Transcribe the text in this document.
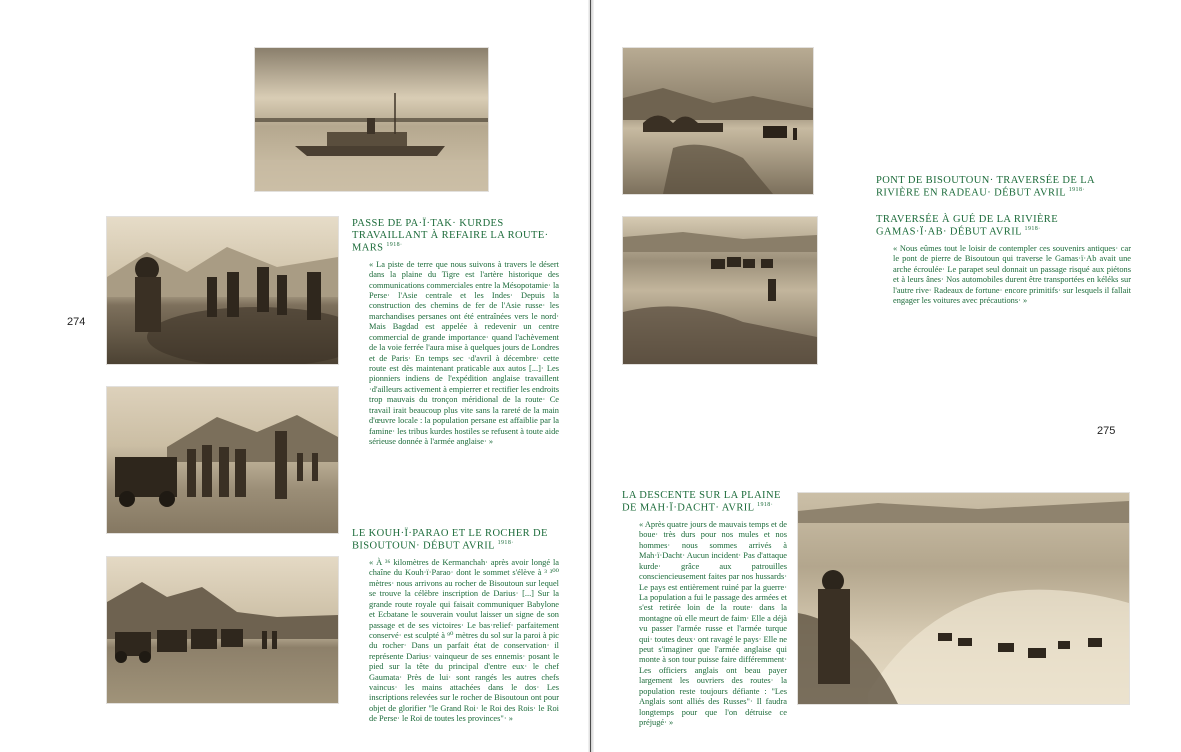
274
PASSE DE PA·Ï·TAK· KURDES TRAVAILLANT À REFAIRE LA ROUTE· MARS $^{1918\cdot}$

« La piste de terre que nous suivons à travers le désert dans la plaine du Tigre est l'artère historique des communications commerciales entre la Mésopotamie· la Perse· l'Asie centrale et les Indes· Depuis la construction des chemins de fer de l'Asie russe· les marchandises persanes ont été entraînées vers le nord· Mais Bagdad est appelée à redevenir un centre commercial de grande importance· quand l'achèvement de la voie ferrée l'aura mise à quelques jours de Londres et de Paris· En temps sec ·d'avril à décembre· cette route est dès maintenant praticable aux autos [...]· Les pionniers indiens de l'expédition anglaise travaillent ·d'ailleurs activement à empierrer et rectifier les endroits trop mauvais du tronçon méridional de la route· Ce travail irait beaucoup plus vite sans la rareté de la main d'œuvre locale : la population persane est affaiblie par la famine· les tribus kurdes hostiles se refusent à toute aide sérieuse donnée à l'armée anglaise· »

LE KOUH·Ï·PARAO ET LE ROCHER DE BISOUTOUN· DÉBUT AVRIL $^{1918\cdot}$

« À ³⁶ kilomètres de Kermanchah· après avoir longé la chaîne du Kouh·ï·Parao· dont le sommet s'élève à ³ ³⁰⁰ mètres· nous arrivons au rocher de Bisoutoun sur lequel se trouve la célèbre inscription de Darius· [...] Sur la grande route royale qui faisait communiquer Babylone et Ecbatane le souverain voulut laisser un signe de son passage et de ses victoires· Le bas·relief· parfaitement conservé· est sculpté à ⁹⁰ mètres du sol sur la paroi à pic du rocher· Dans un parfait état de conservation· il représente Darius· vainqueur de ses ennemis· posant le pied sur la tête du principal d'entre eux· le chef Gaumata· Près de lui· sont rangés les autres chefs vaincus· les mains attachées dans le dos· Les inscriptions relevées sur le rocher de Bisoutoun ont pour objet de glorifier "le Grand Roi· le Roi des Rois· le Roi de Perse· le Roi de toutes les provinces"· »

275
PONT DE BISOUTOUN· TRAVERSÉE DE LA RIVIÈRE EN RADEAU· DÉBUT AVRIL $^{1918\cdot}$
TRAVERSÉE À GUÉ DE LA RIVIÈRE GAMAS·Ï·AB· DÉBUT AVRIL $^{1918\cdot}$

« Nous eûmes tout le loisir de contempler ces souvenirs antiques· car le pont de pierre de Bisoutoun qui traverse le Gamas·ï·Ab avait une arche écroulée· Le parapet seul donnait un passage risqué aux piétons et à leurs ânes· Nos automobiles durent être transportées en kéléks sur l'autre rive· Radeaux de fortune· encore primitifs· sur lesquels il fallait engager les voitures avec précautions· »

LA DESCENTE SUR LA PLAINE DE MAH·Ï·DACHT· AVRIL $^{1918\cdot}$

« Après quatre jours de mauvais temps et de boue· très durs pour nos mules et nos hommes· nous sommes arrivés à Mah·ï·Dacht· Aucun incident· Pas d'attaque kurde· grâce aux patrouilles consciencieusement faites par nos hussards· Le pays est entièrement ruiné par la guerre· La population a fui le passage des armées et s'est retirée loin de la route· dans la montagne où elle meurt de faim· Elle a déjà vu passer l'armée russe et l'armée turque qui· toutes deux· ont ravagé le pays· Elle ne peut s'imaginer que l'armée anglaise qui monte à son tour puisse faire différemment· Les officiers anglais ont beau payer largement les ouvriers des routes· la population reste toujours défiante : "Les Anglais sont alliés des Russes"· Il faudra longtemps pour que l'on détruise ce préjugé· »
